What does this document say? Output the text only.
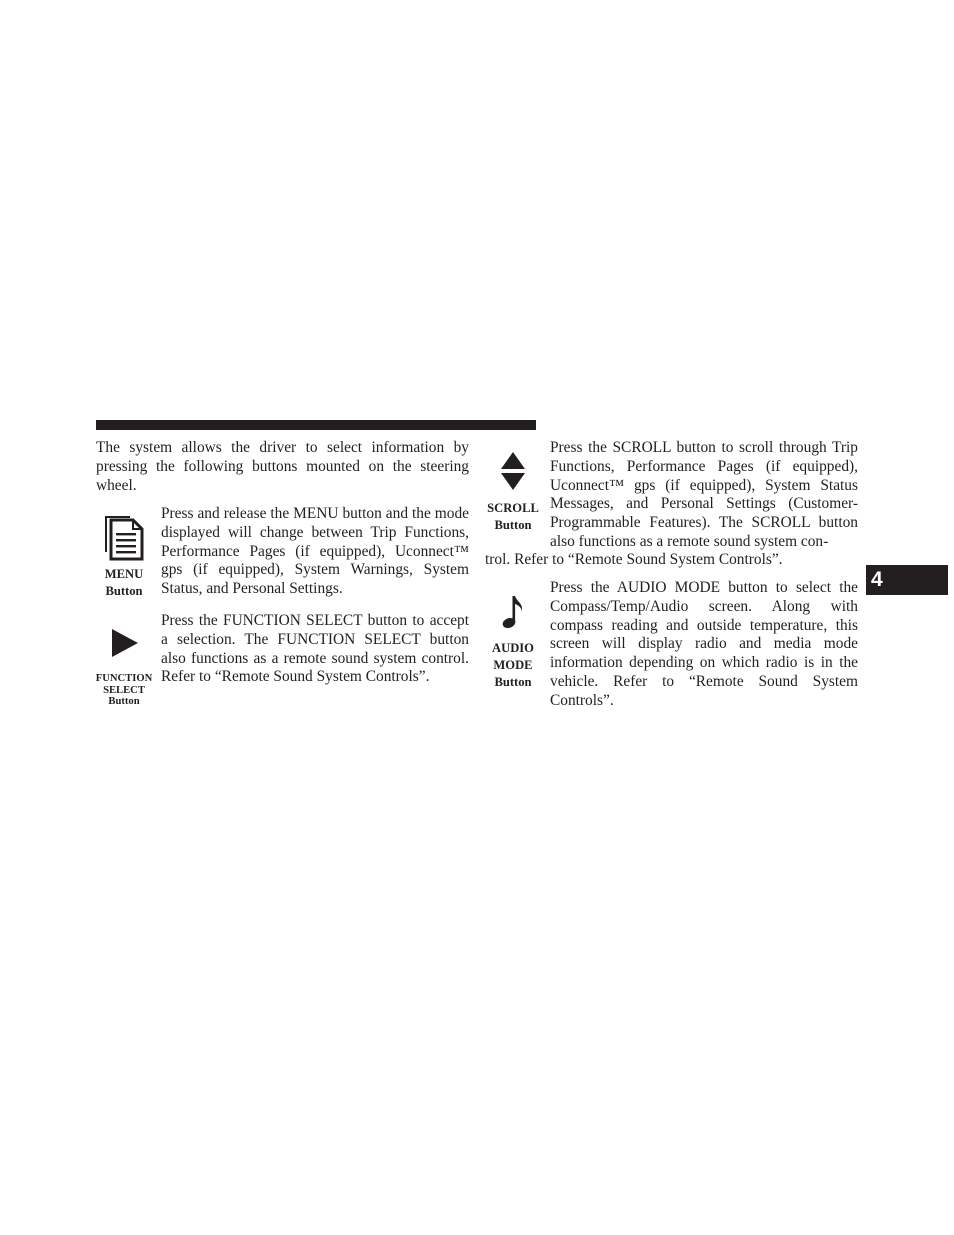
The system allows the driver to select information by pressing the following buttons mounted on the steering wheel.

MENU
Button

Press and release the MENU button and the mode displayed will change between Trip Functions, Performance Pages (if equipped), Uconnect™ gps (if equipped), System Warnings, System Status, and Personal Settings.

FUNCTION
SELECT
Button

Press the FUNCTION SELECT button to accept a selection. The FUNCTION SELECT button also functions as a remote sound system control. Refer to “Remote Sound System Controls”.

SCROLL
Button

Press the SCROLL button to scroll through Trip Functions, Performance Pages (if equipped), Uconnect™ gps (if equipped), System Status Messages, and Personal Settings (Customer-Programmable Features). The SCROLL button also functions as a remote sound system con-

trol. Refer to “Remote Sound System Controls”.

AUDIO
MODE
Button

Press the AUDIO MODE button to select the Compass/Temp/Audio screen. Along with compass reading and outside temperature, this screen will display radio and media mode information depending on which radio is in the vehicle. Refer to “Remote Sound System Controls”.

4
